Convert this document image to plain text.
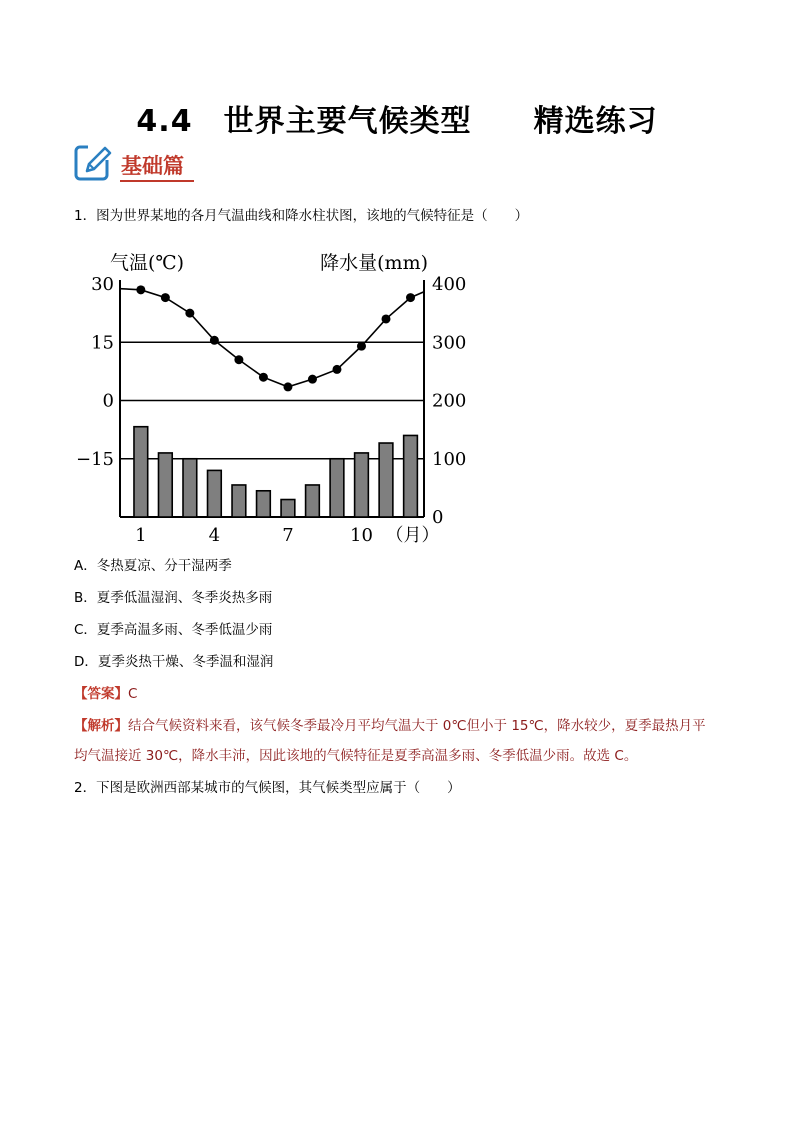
4.4　世界主要气候类型　　精选练习
基础篇
1．图为世界某地的各月气温曲线和降水柱状图，该地的气候特征是（　　）
30
15
0
−15
400
300
200
100
0
气温(℃)	降水量(mm)
1	4	7	10 （月）
A．冬热夏凉、分干湿两季
B．夏季低温湿润、冬季炎热多雨
C．夏季高温多雨、冬季低温少雨
D．夏季炎热干燥、冬季温和湿润
【答案】C
【解析】结合气候资料来看，该气候冬季最冷月平均气温大于 0℃但小于 15℃，降水较少，夏季最热月平
均气温接近 30℃，降水丰沛，因此该地的气候特征是夏季高温多雨、冬季低温少雨。故选 C。
2．下图是欧洲西部某城市的气候图，其气候类型应属于（　　）
